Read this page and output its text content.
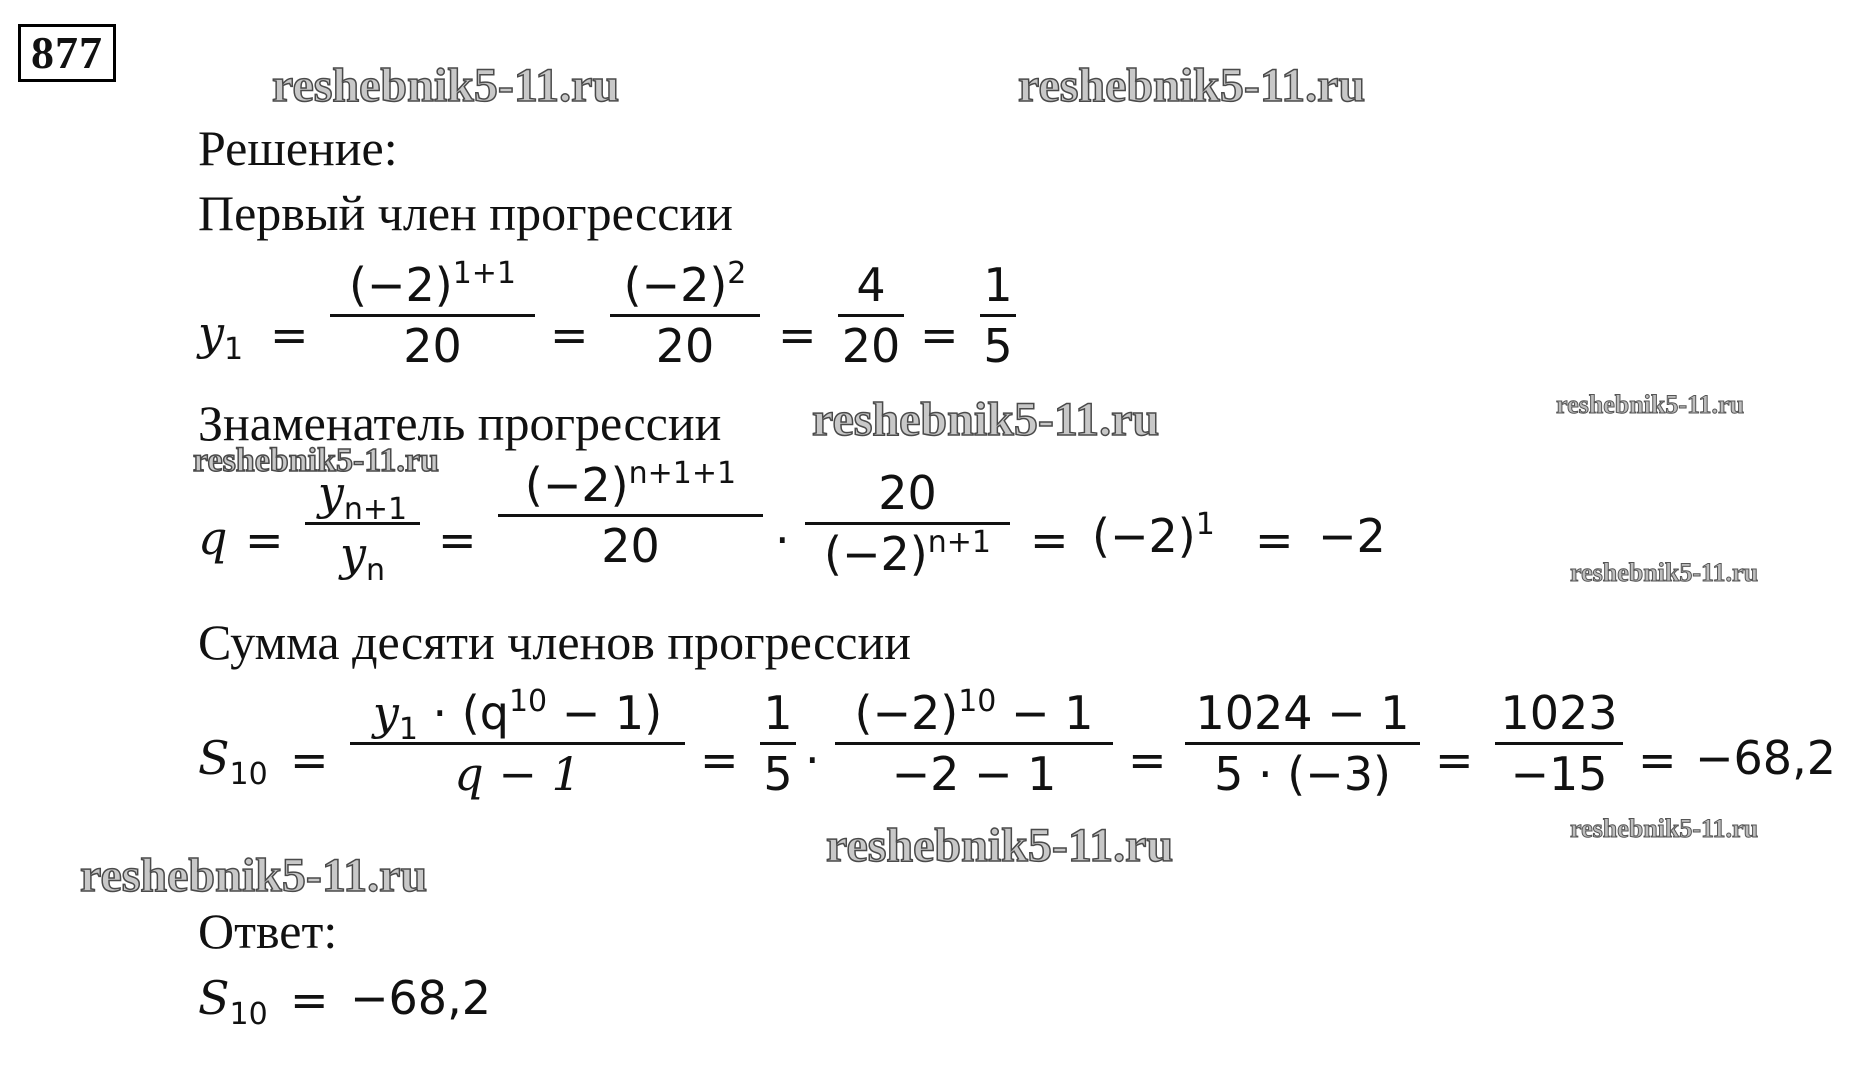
877
reshebnik5-11.ru	reshebnik5-11.ru
reshebnik5-11.ru
reshebnik5-11.ru
reshebnik5-11.ru
reshebnik5-11.ru
reshebnik5-11.ru	reshebnik5-11.ru
reshebnik5-11.ru
Решение:
Первый член прогрессии
Знаменатель прогрессии
Сумма десяти членов прогрессии
Ответ:
$y_1$ =
$(-2)^{1+1}$
20	=
$(-2)^2$
20	=
4
20 =
1
5
q =
$y_{n+1}$
$y_n$
=
$(-2)^{n+1+1}$
20	·
20
$(-2)^{n+1} = (-2)^1 = -2$
$S_{10}$ =
$y_1 \cdot (q^{10} - 1)$
q − 1	=
1
5 ·
$(-2)^{10} - 1$
−2 − 1	=
1024 − 1
5 · (−3) =
1023
−15 = −68,2
$S_{10} = -68,2$
